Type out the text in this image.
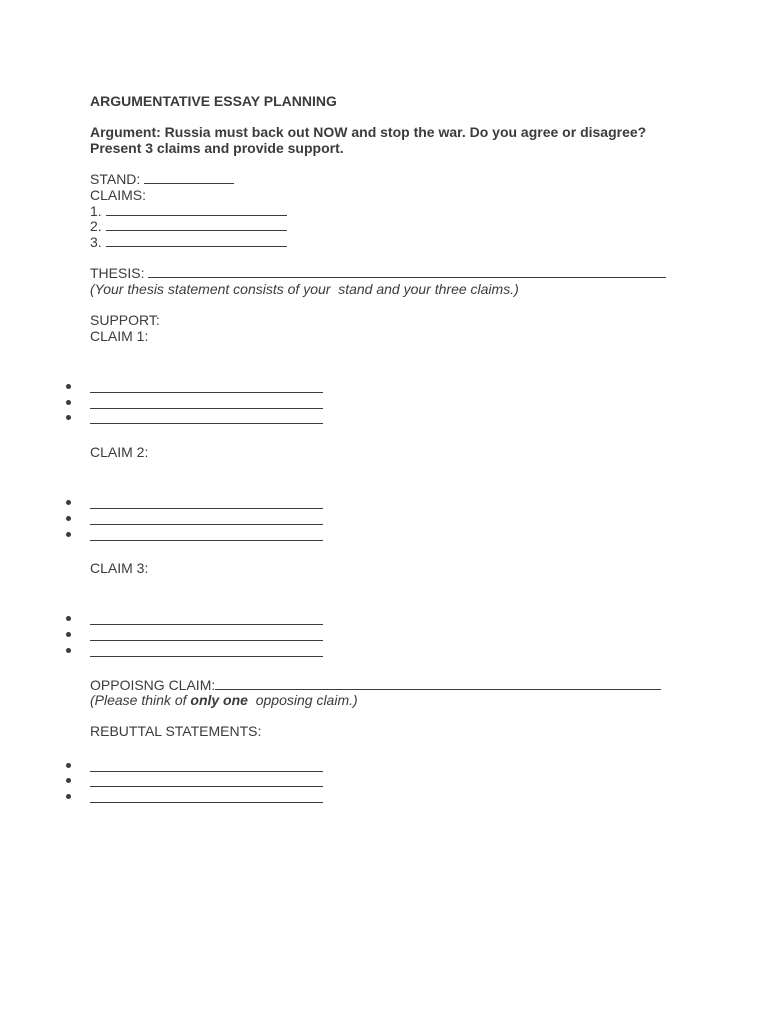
ARGUMENTATIVE ESSAY PLANNING
Argument: Russia must back out NOW and stop the war. Do you agree or disagree?
Present 3 claims and provide support.
STAND:
CLAIMS:
1.
2.
3.
THESIS:
(Your thesis statement consists of your  stand and your three claims.)
SUPPORT:
CLAIM 1:
CLAIM 2:
CLAIM 3:
OPPOISNG CLAIM:
(Please think of only one  opposing claim.)
REBUTTAL STATEMENTS:
